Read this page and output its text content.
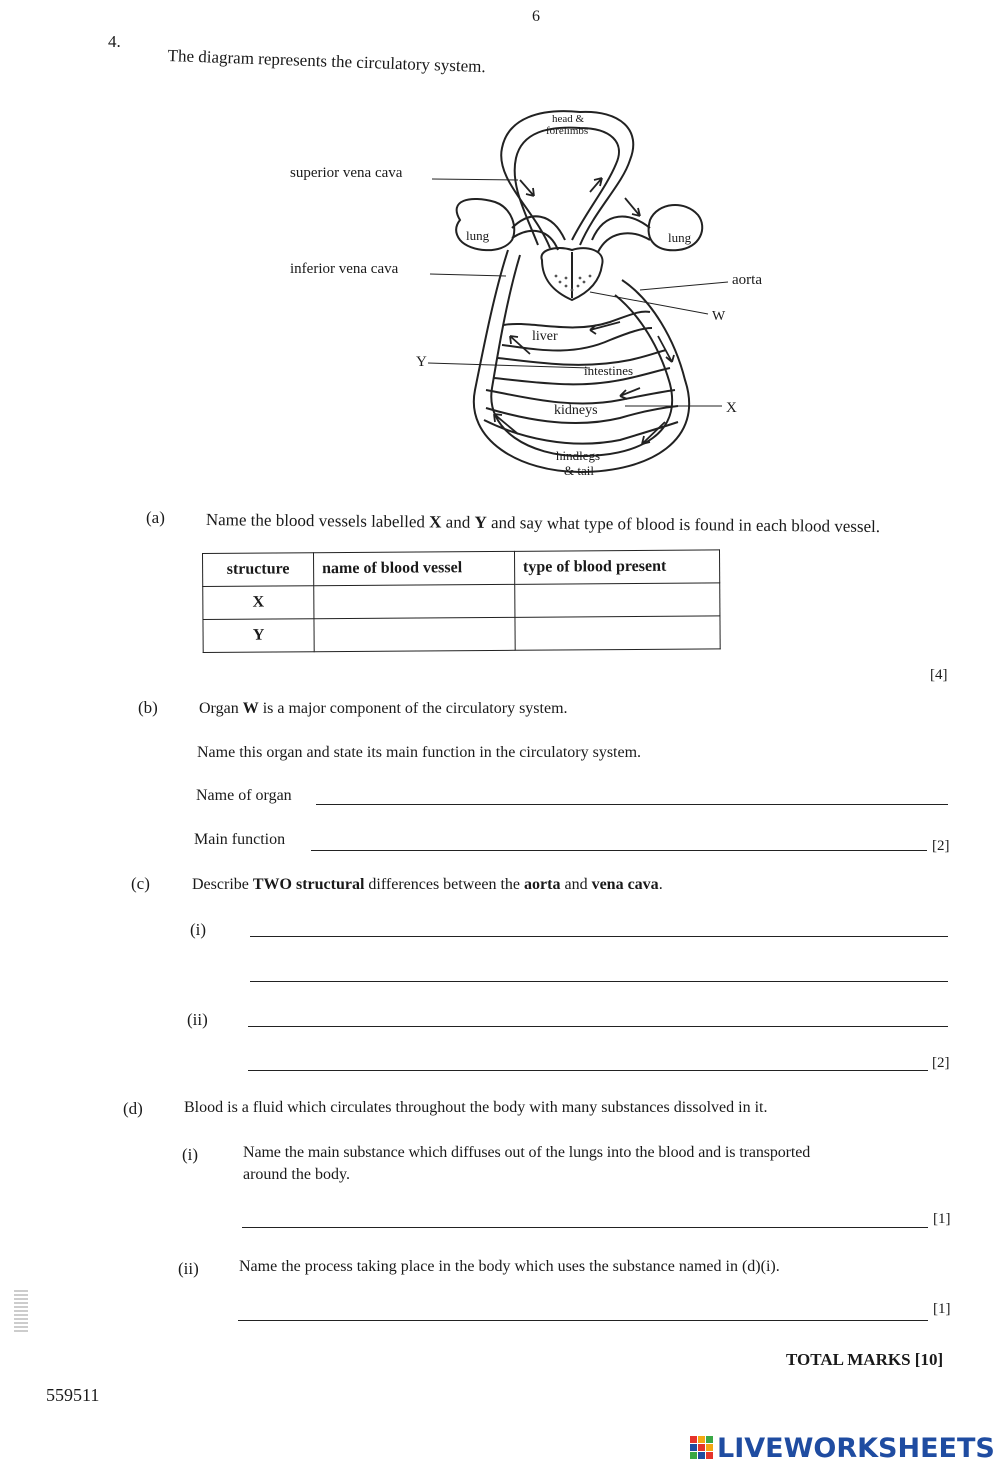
6
4.
The diagram represents the circulatory system.
head &
forelimbs
superior vena cava
lung	lung
inferior vena cava
aorta
W
liver
Y
intestines
kidneys	X
hindlegs
& tail
(a) Name the blood vessels labelled X and Y and say what type of blood is found in each blood vessel.
structure	name of blood vessel	type of blood present
X		
Y		
[4]
(b)	Organ W is a major component of the circulatory system.
Name this organ and state its main function in the circulatory system.
Name of organ
Main function	[2]
(c)	Describe TWO structural differences between the aorta and vena cava.
(i)
(ii)
[2]
(d)	Blood is a fluid which circulates throughout the body with many substances dissolved in it.
(i)	Name the main substance which diffuses out of the lungs into the blood and is transported
around the body.
[1]
(ii)	Name the process taking place in the body which uses the substance named in (d)(i).
[1]
TOTAL MARKS [10]
559511
LIVEWORKSHEETS
